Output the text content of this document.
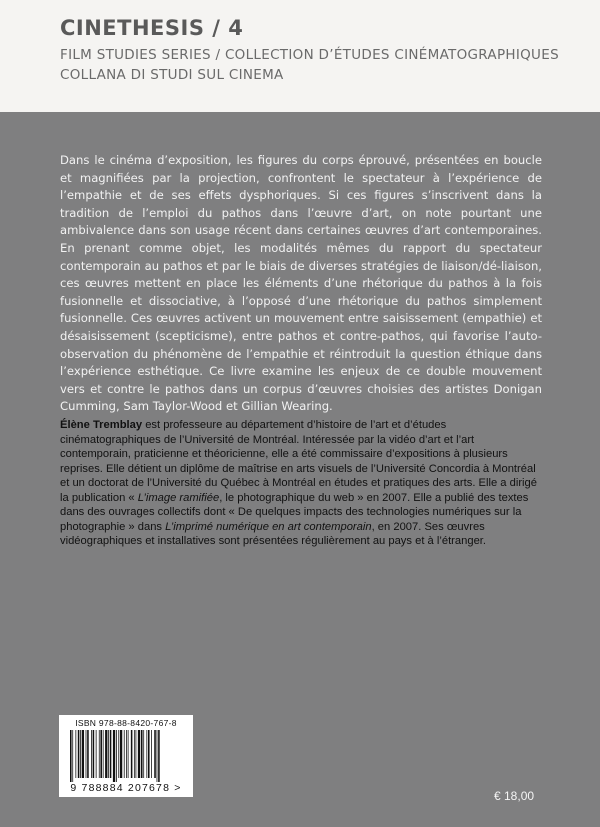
CINETHESIS / 4
FILM STUDIES SERIES / COLLECTION D’ÉTUDES CINÉMATOGRAPHIQUES
COLLANA DI STUDI SUL CINEMA
Dans le cinéma d’exposition, les figures du corps éprouvé, présentées en boucle et magnifiées par la projection, confrontent le spectateur à l’expérience de l’empathie et de ses effets dysphoriques. Si ces figures s’inscrivent dans la tradition de l’emploi du pathos dans l’œuvre d’art, on note pourtant une ambivalence dans son usage récent dans certaines œuvres d’art contemporaines. En prenant comme objet, les modalités mêmes du rapport du spectateur contemporain au pathos et par le biais de diverses stratégies de liaison/dé-liaison, ces œuvres mettent en place les éléments d’une rhétorique du pathos à la fois fusionnelle et dissociative, à l’opposé d’une rhétorique du pathos simplement fusionnelle. Ces œuvres activent un mouvement entre saisissement (empathie) et désaisissement (scepticisme), entre pathos et contre-pathos, qui favorise l’auto-observation du phénomène de l’empathie et réintroduit la question éthique dans l’expérience esthétique. Ce livre examine les enjeux de ce double mouvement vers et contre le pathos dans un corpus d’œuvres choisies des artistes Donigan Cumming, Sam Taylor-Wood et Gillian Wearing.
Élène Tremblay est professeure au département d’histoire de l’art et d’études cinématographiques de l’Université de Montréal. Intéressée par la vidéo d’art et l’art contemporain, praticienne et théoricienne, elle a été commissaire d’expositions à plusieurs reprises. Elle détient un diplôme de maîtrise en arts visuels de l’Université Concordia à Montréal et un doctorat de l’Université du Québec à Montréal en études et pratiques des arts. Elle a dirigé la publication « L’image ramifiée, le photographique du web » en 2007. Elle a publié des textes dans des ouvrages collectifs dont « De quelques impacts des technologies numériques sur la photographie » dans L’imprimé numérique en art contemporain, en 2007. Ses œuvres vidéographiques et installatives sont présentées régulièrement au pays et à l’étranger.
ISBN 978-88-8420-767-8
9 788884 207678 >
€ 18,00
